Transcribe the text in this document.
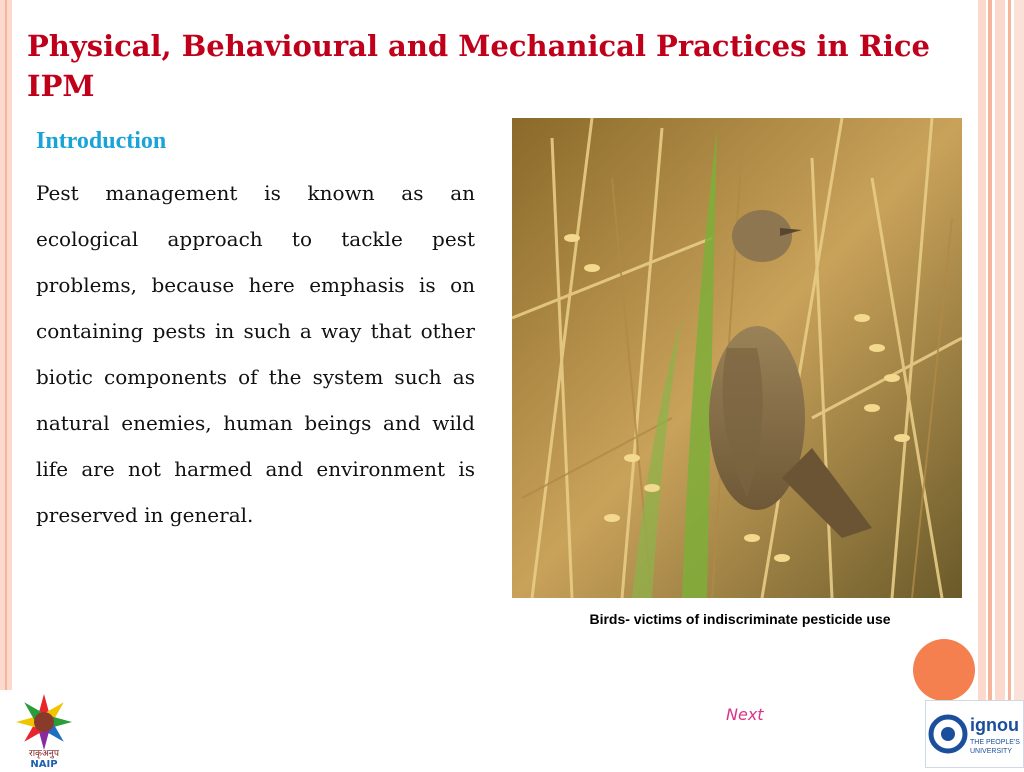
Physical, Behavioural and Mechanical Practices in Rice IPM
Introduction

Pest management is known as an ecological approach to tackle pest problems, because here emphasis is on containing pests in such a way that other biotic components of the system such as natural enemies, human beings and wild life are not harmed and environment is preserved in general.

Birds- victims of indiscriminate pesticide use
Next
राकृअनुप
NAIP
ignou
THE PEOPLE'S
UNIVERSITY
